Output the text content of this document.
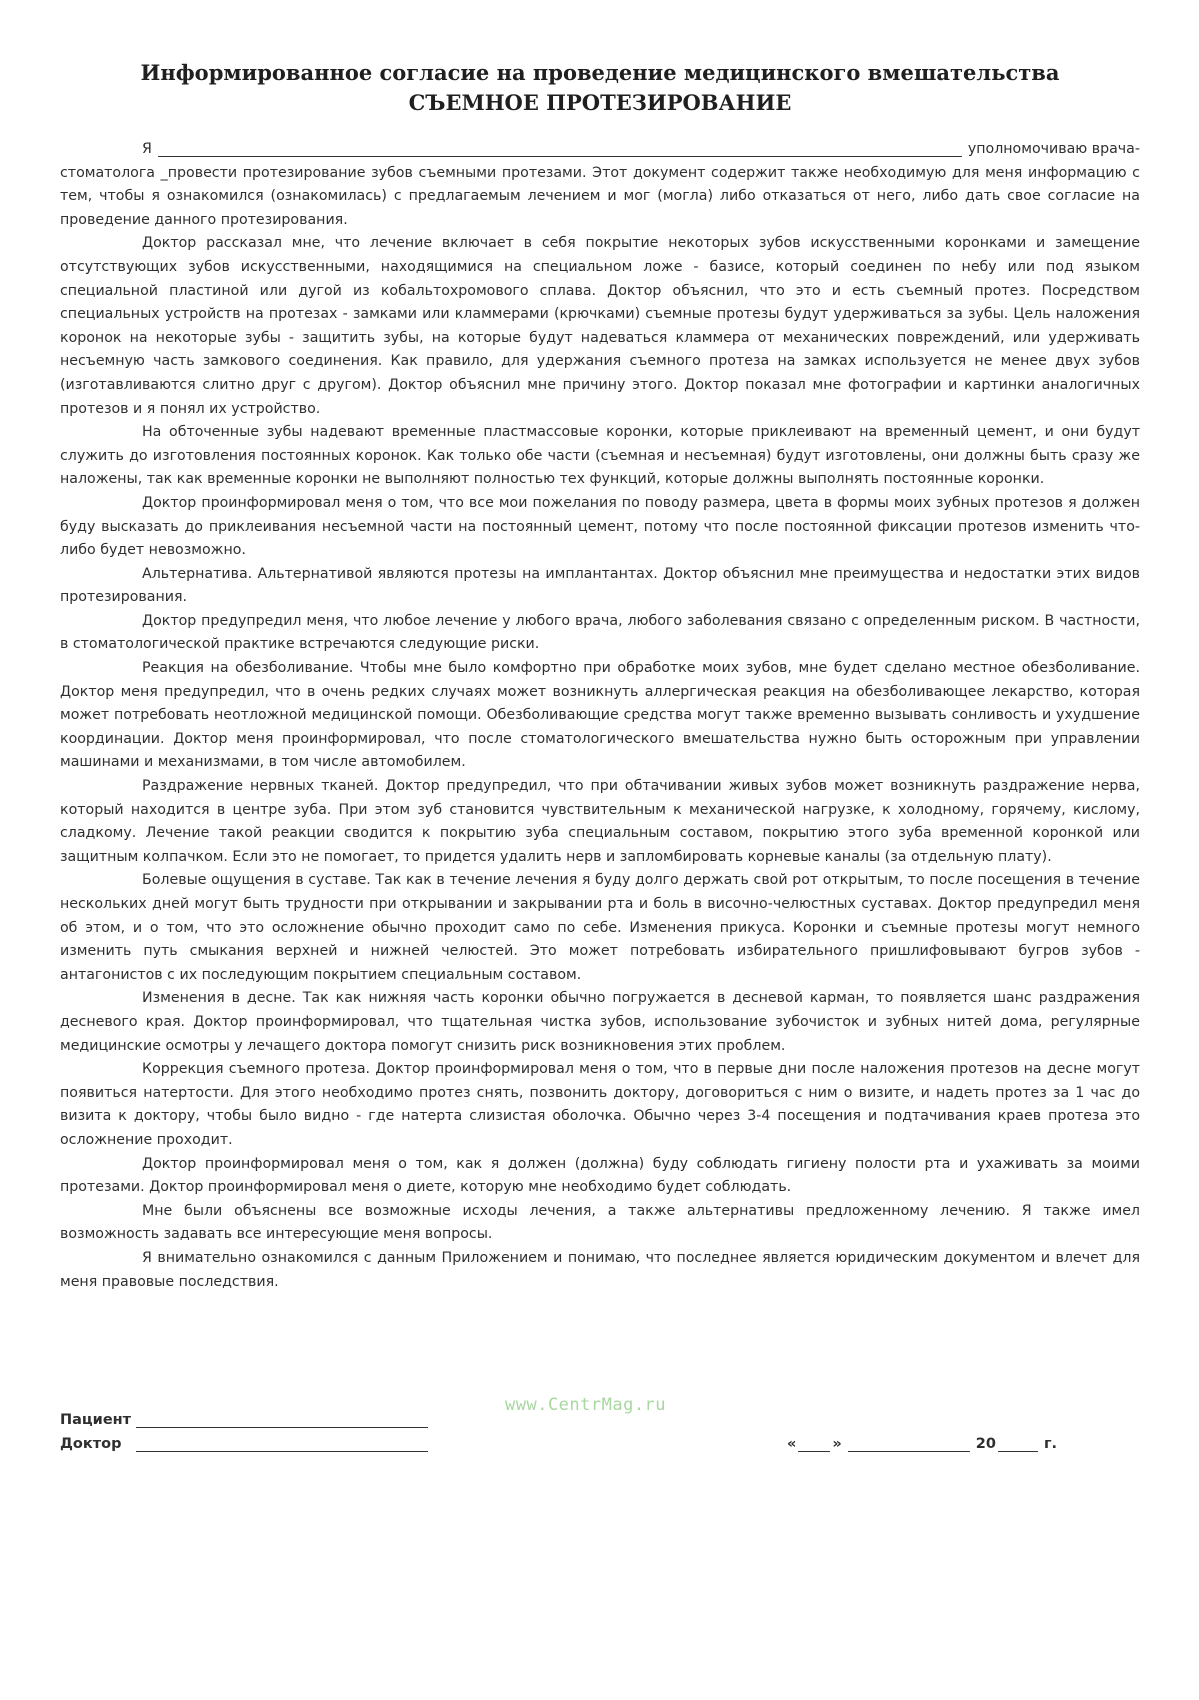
Информированное согласие на проведение медицинского вмешательства
СЪЕМНОЕ ПРОТЕЗИРОВАНИЕ
Я	уполномочиваю врача-

стоматолога _провести протезирование зубов съемными протезами. Этот документ содержит также необходимую для меня информацию с тем, чтобы я ознакомился (ознакомилась) с предлагаемым лечением и мог (могла) либо отказаться от него, либо дать свое согласие на проведение данного протезирования.

Доктор рассказал мне, что лечение включает в себя покрытие некоторых зубов искусственными коронками и замещение отсутствующих зубов искусственными, находящимися на специальном ложе - базисе, который соединен по небу или под языком специальной пластиной или дугой из кобальтохромового сплава. Доктор объяснил, что это и есть съемный протез. Посредством специальных устройств на протезах - замками или кламмерами (крючками) съемные протезы будут удерживаться за зубы. Цель наложения коронок на некоторые зубы - защитить зубы, на которые будут надеваться кламмера от механических повреждений, или удерживать несъемную часть замкового соединения. Как правило, для удержания съемного протеза на замках используется не менее двух зубов (изготавливаются слитно друг с другом). Доктор объяснил мне причину этого. Доктор показал мне фотографии и картинки аналогичных протезов и я понял их устройство.

На обточенные зубы надевают временные пластмассовые коронки, которые приклеивают на временный цемент, и они будут служить до изготовления постоянных коронок. Как только обе части (съемная и несъемная) будут изготовлены, они должны быть сразу же наложены, так как временные коронки не выполняют полностью тех функций, которые должны выполнять постоянные коронки.

Доктор проинформировал меня о том, что все мои пожелания по поводу размера, цвета в формы моих зубных протезов я должен буду высказать до приклеивания несъемной части на постоянный цемент, потому что после постоянной фиксации протезов изменить что-либо будет невозможно.

Альтернатива. Альтернативой являются протезы на имплантантах. Доктор объяснил мне преимущества и недостатки этих видов протезирования.

Доктор предупредил меня, что любое лечение у любого врача, любого заболевания связано с определенным риском. В частности, в стоматологической практике встречаются следующие риски.

Реакция на обезболивание. Чтобы мне было комфортно при обработке моих зубов, мне будет сделано местное обезболивание. Доктор меня предупредил, что в очень редких случаях может возникнуть аллергическая реакция на обезболивающее лекарство, которая может потребовать неотложной медицинской помощи. Обезболивающие средства могут также временно вызывать сонливость и ухудшение координации. Доктор меня проинформировал, что после стоматологического вмешательства нужно быть осторожным при управлении машинами и механизмами, в том числе автомобилем.

Раздражение нервных тканей. Доктор предупредил, что при обтачивании живых зубов может возникнуть раздражение нерва, который находится в центре зуба. При этом зуб становится чувствительным к механической нагрузке, к холодному, горячему, кислому, сладкому. Лечение такой реакции сводится к покрытию зуба специальным составом, покрытию этого зуба временной коронкой или защитным колпачком. Если это не помогает, то придется удалить нерв и запломбировать корневые каналы (за отдельную плату).

Болевые ощущения в суставе. Так как в течение лечения я буду долго держать свой рот открытым, то после посещения в течение нескольких дней могут быть трудности при открывании и закрывании рта и боль в височно-челюстных суставах. Доктор предупредил меня об этом, и о том, что это осложнение обычно проходит само по себе. Изменения прикуса. Коронки и съемные протезы могут немного изменить путь смыкания верхней и нижней челюстей. Это может потребовать избирательного пришлифовывают бугров зубов - антагонистов с их последующим покрытием специальным составом.

Изменения в десне. Так как нижняя часть коронки обычно погружается в десневой карман, то появляется шанс раздражения десневого края. Доктор проинформировал, что тщательная чистка зубов, использование зубочисток и зубных нитей дома, регулярные медицинские осмотры у лечащего доктора помогут снизить риск возникновения этих проблем.

Коррекция съемного протеза. Доктор проинформировал меня о том, что в первые дни после наложения протезов на десне могут появиться натертости. Для этого необходимо протез снять, позвонить доктору, договориться с ним о визите, и надеть протез за 1 час до визита к доктору, чтобы было видно - где натерта слизистая оболочка. Обычно через 3-4 посещения и подтачивания краев протеза это осложнение проходит.

Доктор проинформировал меня о том, как я должен (должна) буду соблюдать гигиену полости рта и ухаживать за моими протезами. Доктор проинформировал меня о диете, которую мне необходимо будет соблюдать.

Мне были объяснены все возможные исходы лечения, а также альтернативы предложенному лечению. Я также имел возможность задавать все интересующие меня вопросы.

Я внимательно ознакомился с данным Приложением и понимаю, что последнее является юридическим документом и влечет для меня правовые последствия.

www.CentrMag.ru
Пациент
Доктор	« »	20	г.
